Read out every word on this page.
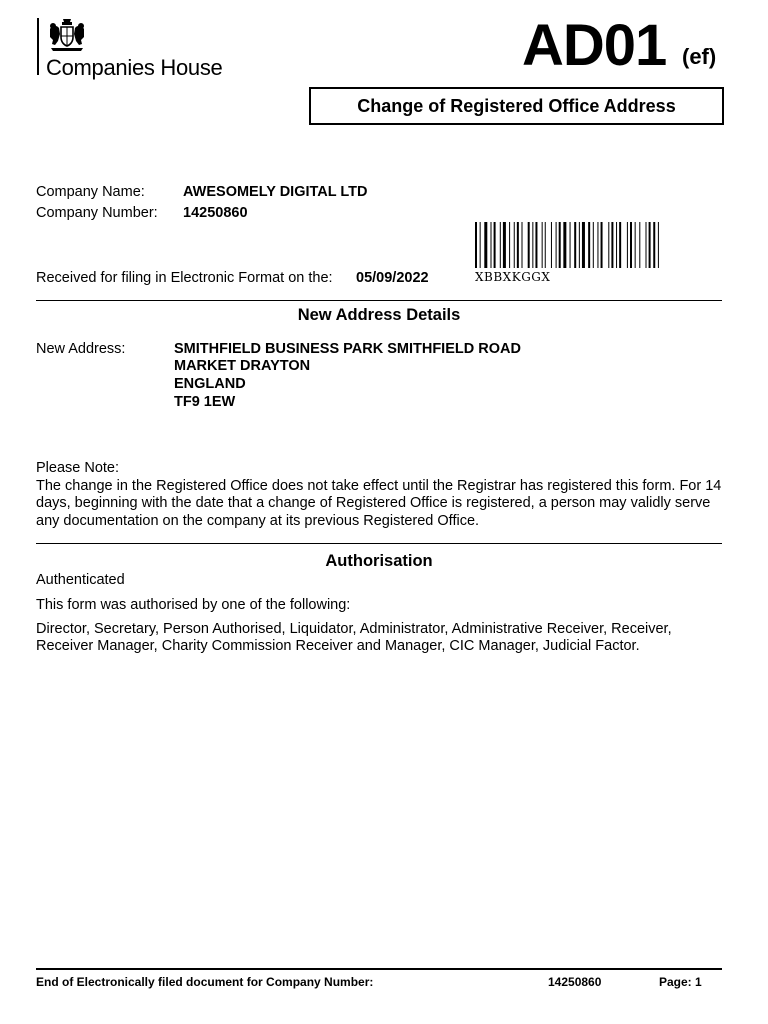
Companies House	AD01 (ef)
Change of Registered Office Address
Company Name:	AWESOMELY DIGITAL LTD
Company Number: 14250860
XBBXKGGX
Received for filing in Electronic Format on the: 05/09/2022
New Address Details
New Address:	SMITHFIELD BUSINESS PARK SMITHFIELD ROAD
MARKET DRAYTON
ENGLAND
TF9 1EW
Please Note:
The change in the Registered Office does not take effect until the Registrar has registered this form. For 14 days, beginning with the date that a change of Registered Office is registered, a person may validly serve any documentation on the company at its previous Registered Office.
Authorisation
Authenticated
This form was authorised by one of the following:
Director, Secretary, Person Authorised, Liquidator, Administrator, Administrative Receiver, Receiver, Receiver Manager, Charity Commission Receiver and Manager, CIC Manager, Judicial Factor.
End of Electronically filed document for Company Number:	14250860	Page: 1
